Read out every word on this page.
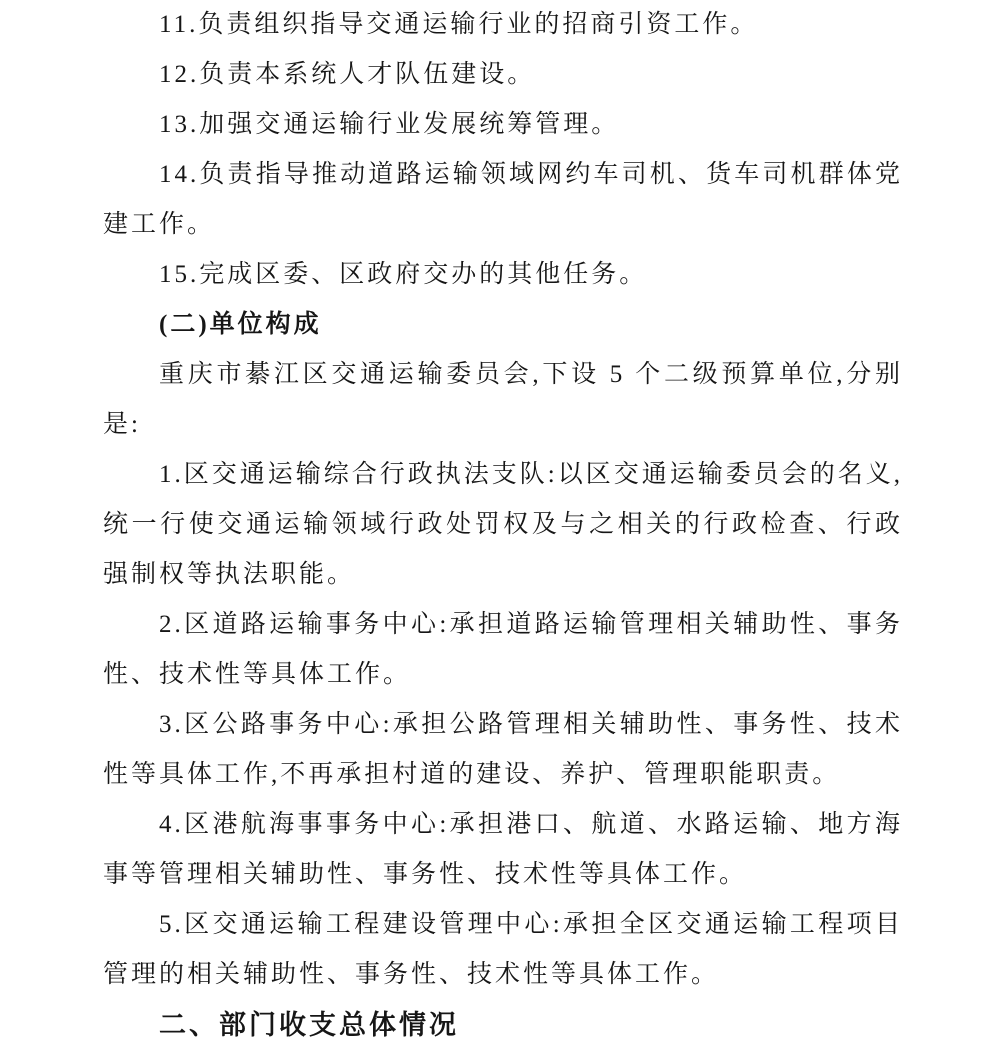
11.负责组织指导交通运输行业的招商引资工作。

12.负责本系统人才队伍建设。

13.加强交通运输行业发展统筹管理。

14.负责指导推动道路运输领域网约车司机、货车司机群体党建工作。

15.完成区委、区政府交办的其他任务。

(二)单位构成

重庆市綦江区交通运输委员会,下设 5 个二级预算单位,分别是:

1.区交通运输综合行政执法支队:以区交通运输委员会的名义,统一行使交通运输领域行政处罚权及与之相关的行政检查、行政强制权等执法职能。

2.区道路运输事务中心:承担道路运输管理相关辅助性、事务性、技术性等具体工作。

3.区公路事务中心:承担公路管理相关辅助性、事务性、技术性等具体工作,不再承担村道的建设、养护、管理职能职责。

4.区港航海事事务中心:承担港口、航道、水路运输、地方海事等管理相关辅助性、事务性、技术性等具体工作。

5.区交通运输工程建设管理中心:承担全区交通运输工程项目管理的相关辅助性、事务性、技术性等具体工作。

二、部门收支总体情况
